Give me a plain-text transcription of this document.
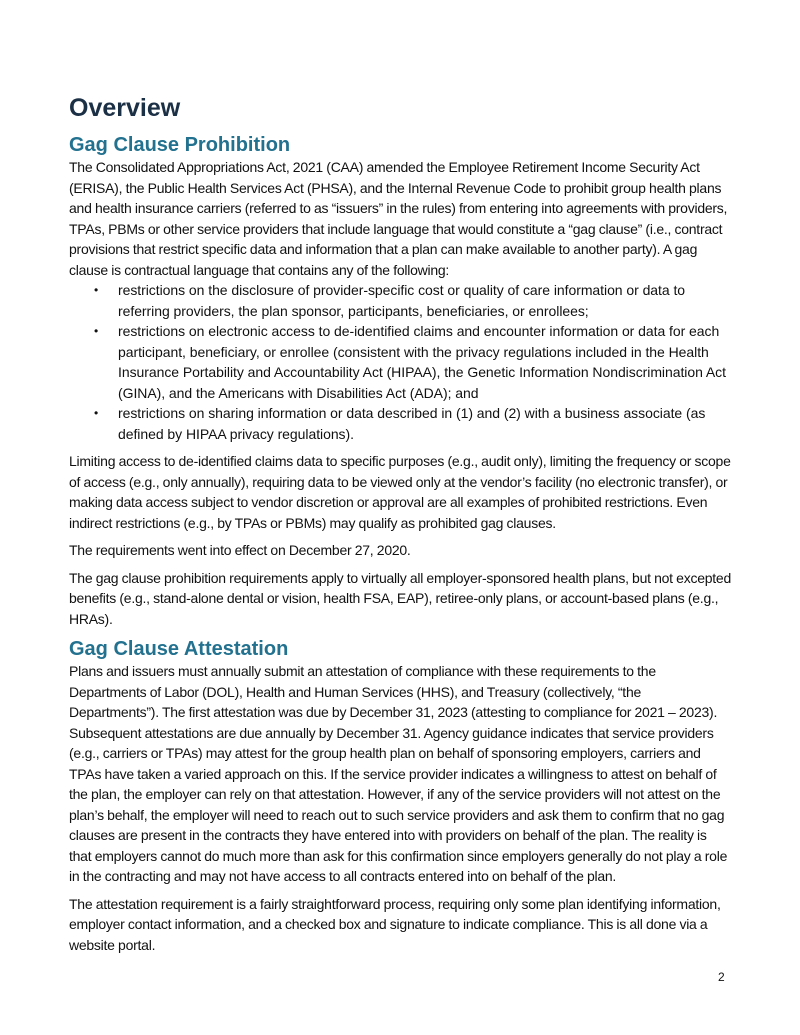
Overview
Gag Clause Prohibition

The Consolidated Appropriations Act, 2021 (CAA) amended the Employee Retirement Income Security Act (ERISA), the Public Health Services Act (PHSA), and the Internal Revenue Code to prohibit group health plans and health insurance carriers (referred to as “issuers” in the rules) from entering into agreements with providers, TPAs, PBMs or other service providers that include language that would constitute a “gag clause” (i.e., contract provisions that restrict specific data and information that a plan can make available to another party). A gag clause is contractual language that contains any of the following:

• restrictions on the disclosure of provider-specific cost or quality of care information or data to referring providers, the plan sponsor, participants, beneficiaries, or enrollees;
• restrictions on electronic access to de-identified claims and encounter information or data for each participant, beneficiary, or enrollee (consistent with the privacy regulations included in the Health Insurance Portability and Accountability Act (HIPAA), the Genetic Information Nondiscrimination Act (GINA), and the Americans with Disabilities Act (ADA); and
• restrictions on sharing information or data described in (1) and (2) with a business associate (as defined by HIPAA privacy regulations).

Limiting access to de-identified claims data to specific purposes (e.g., audit only), limiting the frequency or scope of access (e.g., only annually), requiring data to be viewed only at the vendor’s facility (no electronic transfer), or making data access subject to vendor discretion or approval are all examples of prohibited restrictions. Even indirect restrictions (e.g., by TPAs or PBMs) may qualify as prohibited gag clauses.

The requirements went into effect on December 27, 2020.

The gag clause prohibition requirements apply to virtually all employer-sponsored health plans, but not excepted benefits (e.g., stand-alone dental or vision, health FSA, EAP), retiree-only plans, or account-based plans (e.g., HRAs).

Gag Clause Attestation

Plans and issuers must annually submit an attestation of compliance with these requirements to the Departments of Labor (DOL), Health and Human Services (HHS), and Treasury (collectively, “the Departments”). The first attestation was due by December 31, 2023 (attesting to compliance for 2021 – 2023). Subsequent attestations are due annually by December 31. Agency guidance indicates that service providers (e.g., carriers or TPAs) may attest for the group health plan on behalf of sponsoring employers, carriers and TPAs have taken a varied approach on this. If the service provider indicates a willingness to attest on behalf of the plan, the employer can rely on that attestation. However, if any of the service providers will not attest on the plan’s behalf, the employer will need to reach out to such service providers and ask them to confirm that no gag clauses are present in the contracts they have entered into with providers on behalf of the plan. The reality is that employers cannot do much more than ask for this confirmation since employers generally do not play a role in the contracting and may not have access to all contracts entered into on behalf of the plan.

The attestation requirement is a fairly straightforward process, requiring only some plan identifying information, employer contact information, and a checked box and signature to indicate compliance. This is all done via a website portal.

2
